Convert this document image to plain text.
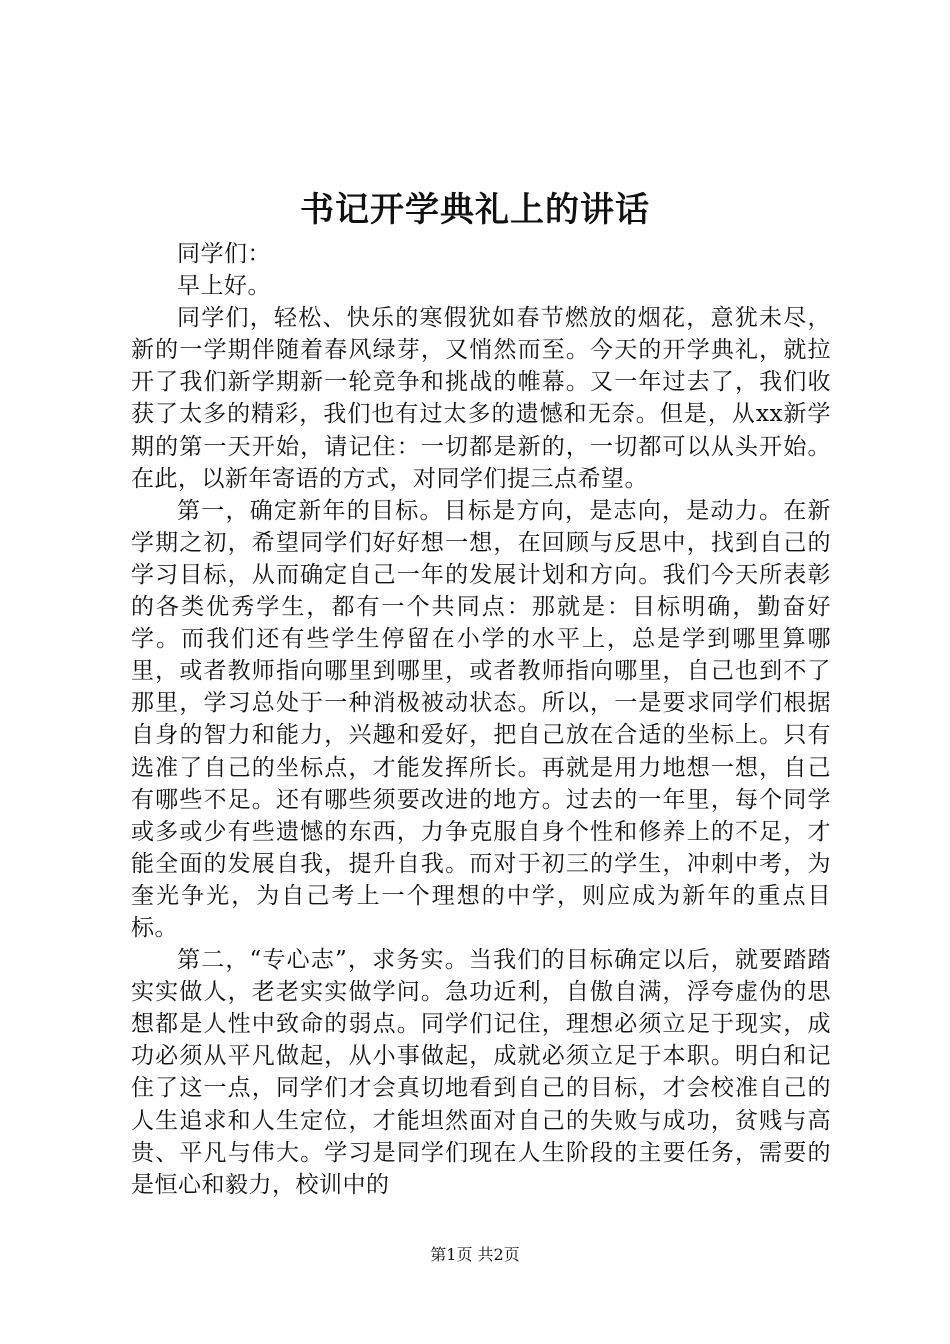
书记开学典礼上的讲话

同学们：

早上好。

同学们，轻松、快乐的寒假犹如春节燃放的烟花，意犹未尽，新的一学期伴随着春风绿芽，又悄然而至。今天的开学典礼，就拉开了我们新学期新一轮竞争和挑战的帷幕。又一年过去了，我们收获了太多的精彩，我们也有过太多的遗憾和无奈。但是，从xx新学期的第一天开始，请记住：一切都是新的，一切都可以从头开始。在此，以新年寄语的方式，对同学们提三点希望。

第一，确定新年的目标。目标是方向，是志向，是动力。在新学期之初，希望同学们好好想一想，在回顾与反思中，找到自己的学习目标，从而确定自己一年的发展计划和方向。我们今天所表彰的各类优秀学生，都有一个共同点：那就是：目标明确，勤奋好学。而我们还有些学生停留在小学的水平上，总是学到哪里算哪里，或者教师指向哪里到哪里，或者教师指向哪里，自己也到不了那里，学习总处于一种消极被动状态。所以，一是要求同学们根据自身的智力和能力，兴趣和爱好，把自己放在合适的坐标上。只有选准了自己的坐标点，才能发挥所长。再就是用力地想一想，自己有哪些不足。还有哪些须要改进的地方。过去的一年里，每个同学或多或少有些遗憾的东西，力争克服自身个性和修养上的不足，才能全面的发展自我，提升自我。而对于初三的学生，冲刺中考，为奎光争光，为自己考上一个理想的中学，则应成为新年的重点目标。

第二，“专心志”，求务实。当我们的目标确定以后，就要踏踏实实做人，老老实实做学问。急功近利，自傲自满，浮夸虚伪的思想都是人性中致命的弱点。同学们记住，理想必须立足于现实，成功必须从平凡做起，从小事做起，成就必须立足于本职。明白和记住了这一点，同学们才会真切地看到自己的目标，才会校准自己的人生追求和人生定位，才能坦然面对自己的失败与成功，贫贱与高贵、平凡与伟大。学习是同学们现在人生阶段的主要任务，需要的是恒心和毅力，校训中的

第1页 共2页
